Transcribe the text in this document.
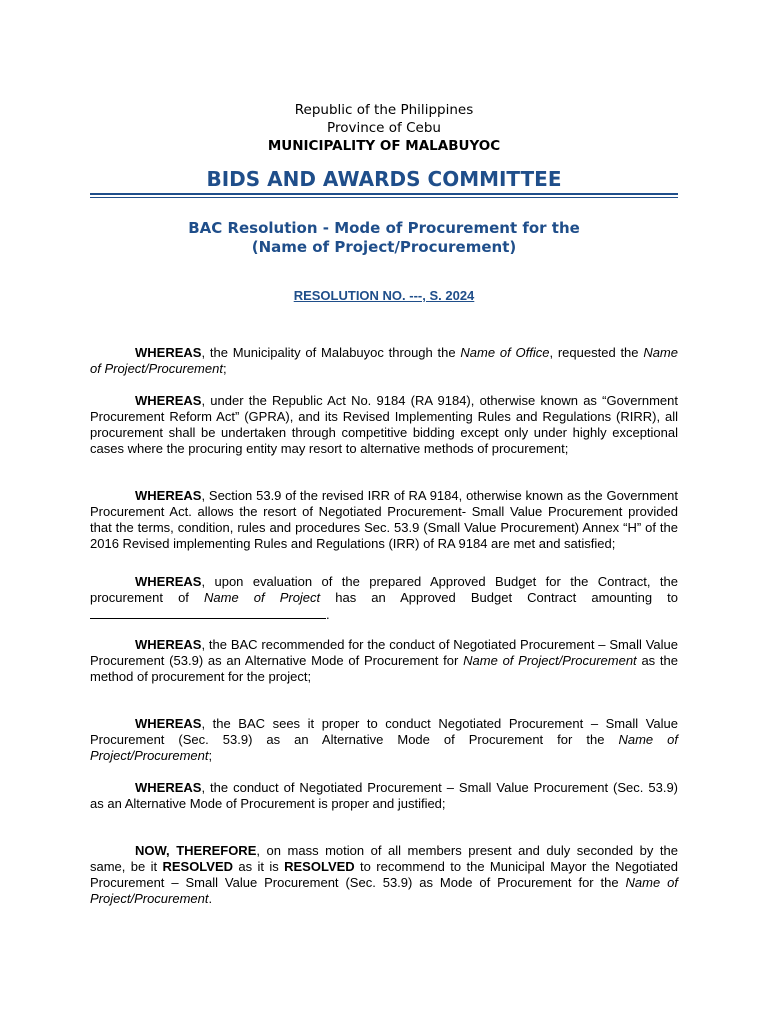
Republic of the Philippines
Province of Cebu
MUNICIPALITY OF MALABUYOC
BIDS AND AWARDS COMMITTEE
BAC Resolution - Mode of Procurement for the
(Name of Project/Procurement)
RESOLUTION NO. ---, S. 2024

WHEREAS, the Municipality of Malabuyoc through the Name of Office, requested the Name of Project/Procurement;

WHEREAS, under the Republic Act No. 9184 (RA 9184), otherwise known as “Government Procurement Reform Act” (GPRA), and its Revised Implementing Rules and Regulations (RIRR), all procurement shall be undertaken through competitive bidding except only under highly exceptional cases where the procuring entity may resort to alternative methods of procurement;

WHEREAS, Section 53.9 of the revised IRR of RA 9184, otherwise known as the Government Procurement Act. allows the resort of Negotiated Procurement- Small Value Procurement provided that the terms, condition, rules and procedures Sec. 53.9 (Small Value Procurement) Annex “H” of the 2016 Revised implementing Rules and Regulations (IRR) of RA 9184 are met and satisfied;

WHEREAS, upon evaluation of the prepared Approved Budget for the Contract, the procurement of Name of Project has an Approved Budget Contract amounting to .

WHEREAS, the BAC recommended for the conduct of Negotiated Procurement – Small Value Procurement (53.9) as an Alternative Mode of Procurement for Name of Project/Procurement as the method of procurement for the project;

WHEREAS, the BAC sees it proper to conduct Negotiated Procurement – Small Value Procurement (Sec. 53.9) as an Alternative Mode of Procurement for the Name of Project/Procurement;

WHEREAS, the conduct of Negotiated Procurement – Small Value Procurement (Sec. 53.9) as an Alternative Mode of Procurement is proper and justified;

NOW, THEREFORE, on mass motion of all members present and duly seconded by the same, be it RESOLVED as it is RESOLVED to recommend to the Municipal Mayor the Negotiated Procurement – Small Value Procurement (Sec. 53.9) as Mode of Procurement for the Name of Project/Procurement.
